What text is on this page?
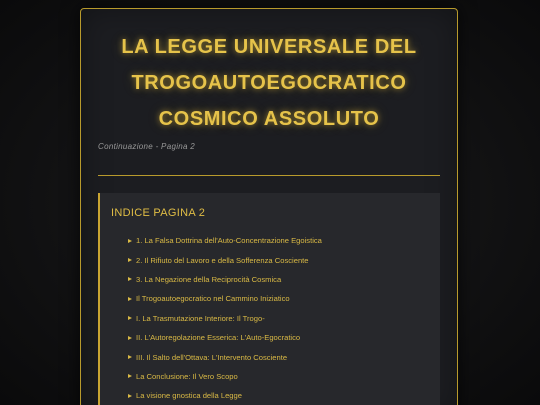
LA LEGGE UNIVERSALE DEL
TROGOAUTOEGOCRATICO
COSMICO ASSOLUTO
Continuazione - Pagina 2
INDICE PAGINA 2
1. La Falsa Dottrina dell'Auto-Concentrazione Egoistica
2. Il Rifiuto del Lavoro e della Sofferenza Cosciente
3. La Negazione della Reciprocità Cosmica
Il Trogoautoegocratico nel Cammino Iniziatico
I. La Trasmutazione Interiore: Il Trogo-
II. L'Autoregolazione Esserica: L'Auto-Egocratico
III. Il Salto dell'Ottava: L'Intervento Cosciente
La Conclusione: Il Vero Scopo
La visione gnostica della Legge
